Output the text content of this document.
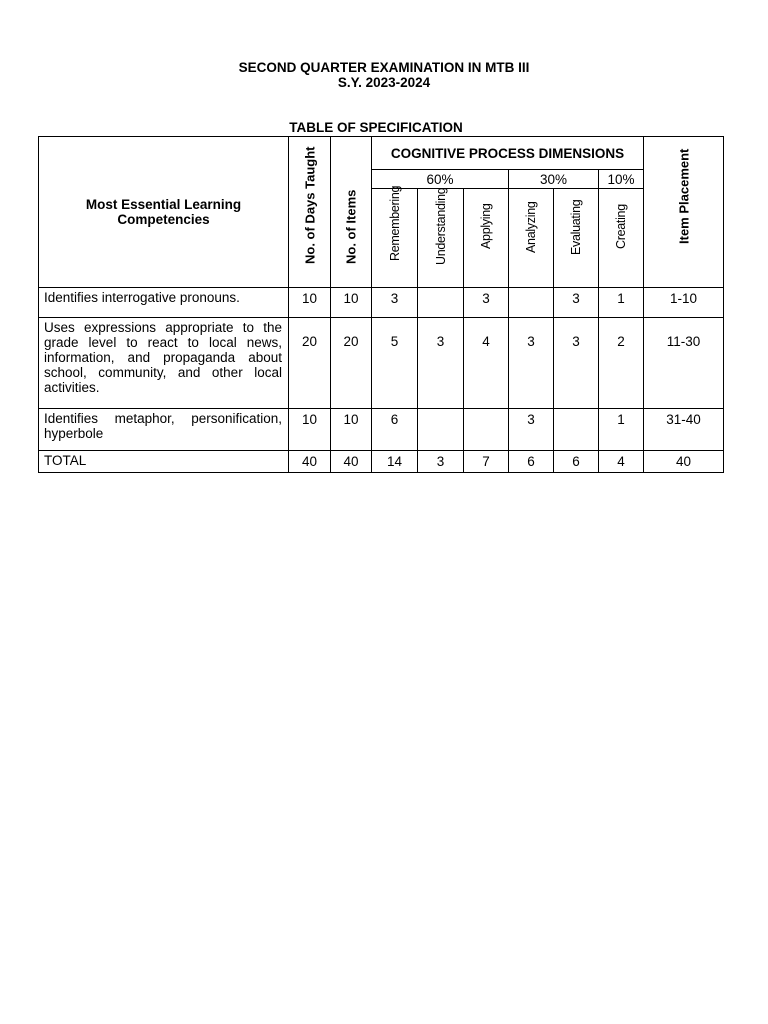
SECOND QUARTER EXAMINATION IN MTB III
S.Y. 2023-2024
TABLE OF SPECIFICATION
Most Essential Learning Competencies	No. of Days Taught	No. of Items	COGNITIVE PROCESS DIMENSIONS						Item Placement

			60%			30%		10%	

			Remembering	Understanding	Applying	Analyzing	Evaluating	Creating	

Identifies interrogative pronouns.	10	10	3		3		3	1	1-10
Uses expressions appropriate to the grade level to react to local news, information, and propaganda about school, community, and other local activities.	20	20	5	3	4	3	3	2	11-30
Identifies metaphor, personification, hyperbole	10	10	6			3		1	31-40
TOTAL	40	40	14	3	7	6	6	4	40
